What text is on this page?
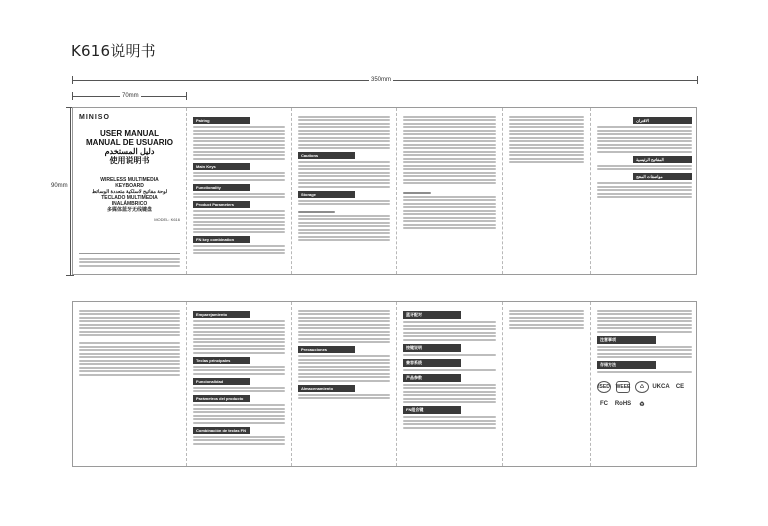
K616说明书
350mm
70mm
90mm
MINISO
USER MANUAL
MANUAL DE USUARIO
دليل المستخدم
使用说明书
WIRELESS MULTIMEDIA
KEYBOARD
لوحة مفاتيح لاسلكية متعددة الوسائط
TECLADO MULTIMEDIA
INALÁMBRICO
多媒体蓝牙无线键盘
MODEL: K616
Pairing
Main Keys
Functionality
Product Parameters
FN key combination
Cautions
Storage
الاقتران
المفاتيح الرئيسية
مواصفات المنتج
Emparejamiento
Teclas principales
Funcionalidad
Parámetros del producto
Combinación de teclas FN
Precauciones
Almacenamiento
蓝牙配对
按键说明
兼容系统
产品参数
FN组合键
注意事项
存储方法
ISED WEEE	♺	UKCA	CE
FC	RoHS	♻
